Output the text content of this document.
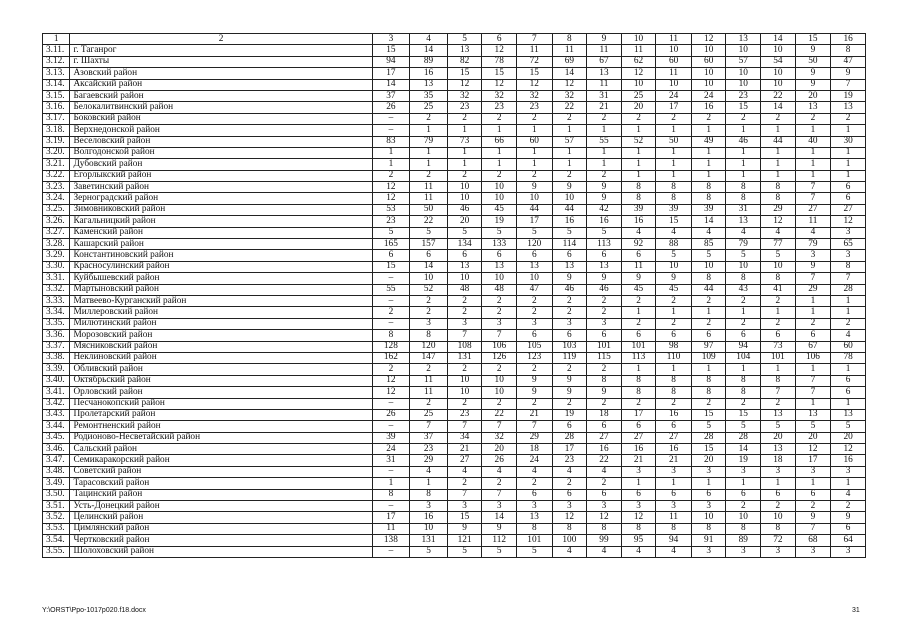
1	2	3	4	5	6	7	8	9	10	11	12	13	14	15	16
3.11.	г. Таганрог	15	14	13	12	11	11	11	11	10	10	10	10	9	8
3.12.	г. Шахты	94	89	82	78	72	69	67	62	60	60	57	54	50	47
3.13.	Азовский район	17	16	15	15	15	14	13	12	11	10	10	10	9	9
3.14.	Аксайский район	14	13	12	12	12	12	11	10	10	10	10	10	9	7
3.15.	Багаевский район	37	35	32	32	32	32	31	25	24	24	23	22	20	19
3.16.	Белокалитвинский район	26	25	23	23	23	22	21	20	17	16	15	14	13	13
3.17.	Боковский район	–	2	2	2	2	2	2	2	2	2	2	2	2	2
3.18.	Верхнедонской район	–	1	1	1	1	1	1	1	1	1	1	1	1	1
3.19.	Веселовский район	83	79	73	66	60	57	55	52	50	49	46	44	40	30
3.20.	Волгодонской район	1	1	1	1	1	1	1	1	1	1	1	1	1	1
3.21.	Дубовский район	1	1	1	1	1	1	1	1	1	1	1	1	1	1
3.22.	Егорлыкский район	2	2	2	2	2	2	2	1	1	1	1	1	1	1
3.23.	Заветинский район	12	11	10	10	9	9	9	8	8	8	8	8	7	6
3.24.	Зерноградский район	12	11	10	10	10	10	9	8	8	8	8	8	7	6
3.25.	Зимовниковский район	53	50	46	45	44	44	42	39	39	39	31	29	27	27
3.26.	Кагальницкий район	23	22	20	19	17	16	16	16	15	14	13	12	11	12
3.27.	Каменский район	5	5	5	5	5	5	5	4	4	4	4	4	4	3
3.28.	Кашарский район	165	157	134	133	120	114	113	92	88	85	79	77	79	65
3.29.	Константиновский район	6	6	6	6	6	6	6	6	5	5	5	5	3	3
3.30.	Красносулинский район	15	14	13	13	13	13	13	11	10	10	10	10	9	8
3.31.	Куйбышевский район	–	10	10	10	10	9	9	9	9	8	8	8	7	7
3.32.	Мартыновский район	55	52	48	48	47	46	46	45	45	44	43	41	29	28
3.33.	Матвеево-Курганский район	–	2	2	2	2	2	2	2	2	2	2	2	1	1
3.34.	Миллеровский район	2	2	2	2	2	2	2	1	1	1	1	1	1	1
3.35.	Милютинский район	–	3	3	3	3	3	3	2	2	2	2	2	2	2
3.36.	Морозовский район	8	8	7	7	6	6	6	6	6	6	6	6	6	4
3.37.	Мясниковский район	128	120	108	106	105	103	101	101	98	97	94	73	67	60
3.38.	Неклиновский район	162	147	131	126	123	119	115	113	110	109	104	101	106	78
3.39.	Обливский район	2	2	2	2	2	2	2	1	1	1	1	1	1	1
3.40.	Октябрьский район	12	11	10	10	9	9	8	8	8	8	8	8	7	6
3.41.	Орловский район	12	11	10	10	9	9	9	8	8	8	8	7	7	6
3.42.	Песчанокопский район	–	2	2	2	2	2	2	2	2	2	2	2	1	1
3.43.	Пролетарский район	26	25	23	22	21	19	18	17	16	15	15	13	13	13
3.44.	Ремонтненский район	–	7	7	7	7	6	6	6	6	5	5	5	5	5
3.45.	Родионово-Несветайский район	39	37	34	32	29	28	27	27	27	28	28	20	20	20
3.46.	Сальский район	24	23	21	20	18	17	16	16	16	15	14	13	12	12
3.47.	Семикаракорский район	31	29	27	26	24	23	22	21	21	20	19	18	17	16
3.48.	Советский район	–	4	4	4	4	4	4	3	3	3	3	3	3	3
3.49.	Тарасовский район	1	1	2	2	2	2	2	1	1	1	1	1	1	1
3.50.	Тацинский район	8	8	7	7	6	6	6	6	6	6	6	6	6	4
3.51.	Усть-Донецкий район	–	3	3	3	3	3	3	3	3	3	2	2	2	2
3.52.	Целинский район	17	16	15	14	13	12	12	12	11	10	10	10	9	9
3.53.	Цимлянский район	11	10	9	9	8	8	8	8	8	8	8	8	7	6
3.54.	Чертковский район	138	131	121	112	101	100	99	95	94	91	89	72	68	64
3.55.	Шолоховский район	–	5	5	5	5	4	4	4	4	3	3	3	3	3
Y:\ORST\Ppo-1017p020.f18.docx	31
